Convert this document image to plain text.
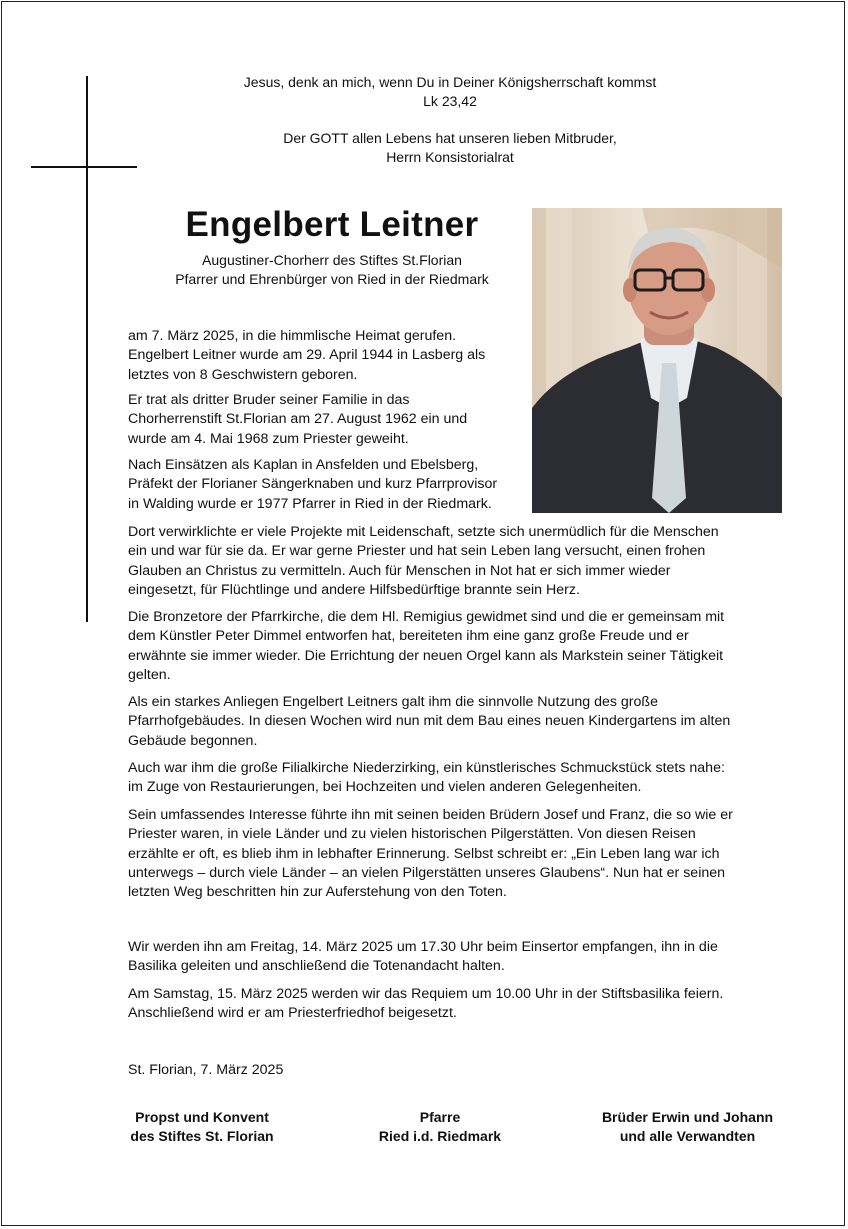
Jesus, denk an mich, wenn Du in Deiner Königsherrschaft kommst
Lk 23,42
Der GOTT allen Lebens hat unseren lieben Mitbruder,
Herrn Konsistorialrat
Engelbert Leitner
Augustiner-Chorherr des Stiftes St.Florian
Pfarrer und Ehrenbürger von Ried in der Riedmark
am 7. März 2025, in die himmlische Heimat gerufen.
Engelbert Leitner wurde am 29. April 1944 in Lasberg als
letztes von 8 Geschwistern geboren.
Er trat als dritter Bruder seiner Familie in das
Chorherrenstift St.Florian am 27. August 1962 ein und
wurde am 4. Mai 1968 zum Priester geweiht.
Nach Einsätzen als Kaplan in Ansfelden und Ebelsberg,
Präfekt der Florianer Sängerknaben und kurz Pfarrprovisor
in Walding wurde er 1977 Pfarrer in Ried in der Riedmark.
Dort verwirklichte er viele Projekte mit Leidenschaft, setzte sich unermüdlich für die Menschen
ein und war für sie da. Er war gerne Priester und hat sein Leben lang versucht, einen frohen
Glauben an Christus zu vermitteln. Auch für Menschen in Not hat er sich immer wieder
eingesetzt, für Flüchtlinge und andere Hilfsbedürftige brannte sein Herz.
Die Bronzetore der Pfarrkirche, die dem Hl. Remigius gewidmet sind und die er gemeinsam mit
dem Künstler Peter Dimmel entworfen hat, bereiteten ihm eine ganz große Freude und er
erwähnte sie immer wieder. Die Errichtung der neuen Orgel kann als Markstein seiner Tätigkeit
gelten.
Als ein starkes Anliegen Engelbert Leitners galt ihm die sinnvolle Nutzung des große
Pfarrhofgebäudes. In diesen Wochen wird nun mit dem Bau eines neuen Kindergartens im alten
Gebäude begonnen.
Auch war ihm die große Filialkirche Niederzirking, ein künstlerisches Schmuckstück stets nahe:
im Zuge von Restaurierungen, bei Hochzeiten und vielen anderen Gelegenheiten.
Sein umfassendes Interesse führte ihn mit seinen beiden Brüdern Josef und Franz, die so wie er
Priester waren, in viele Länder und zu vielen historischen Pilgerstätten. Von diesen Reisen
erzählte er oft, es blieb ihm in lebhafter Erinnerung. Selbst schreibt er: „Ein Leben lang war ich
unterwegs – durch viele Länder – an vielen Pilgerstätten unseres Glaubens“. Nun hat er seinen
letzten Weg beschritten hin zur Auferstehung von den Toten.
Wir werden ihn am Freitag, 14. März 2025 um 17.30 Uhr beim Einsertor empfangen, ihn in die
Basilika geleiten und anschließend die Totenandacht halten.
Am Samstag, 15. März 2025 werden wir das Requiem um 10.00 Uhr in der Stiftsbasilika feiern.
Anschließend wird er am Priesterfriedhof beigesetzt.
St. Florian, 7. März 2025
Propst und Konvent
des Stiftes St. Florian
Pfarre
Ried i.d. Riedmark
Brüder Erwin und Johann
und alle Verwandten
